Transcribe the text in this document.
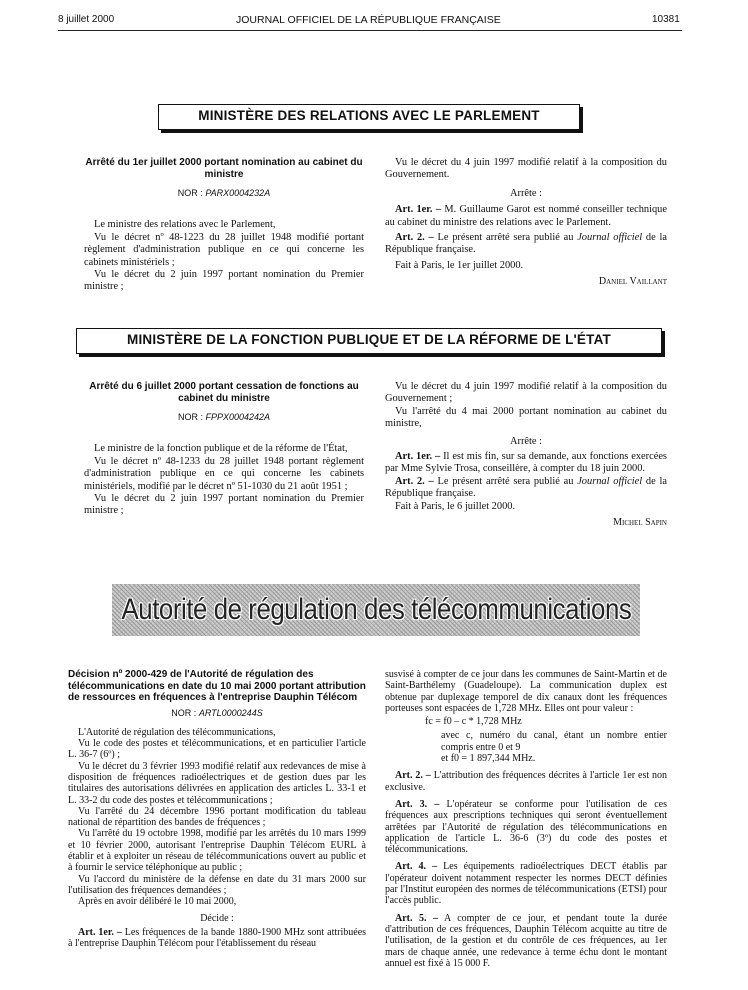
8 juillet 2000	JOURNAL OFFICIEL DE LA RÉPUBLIQUE FRANÇAISE	10381
MINISTÈRE DES RELATIONS AVEC LE PARLEMENT
Arrêté du 1er juillet 2000 portant nomination au cabinet du ministre
NOR : PARX0004232A

Le ministre des relations avec le Parlement,

Vu le décret nº 48-1223 du 28 juillet 1948 modifié portant règlement d'administration publique en ce qui concerne les cabinets ministériels ;

Vu le décret du 2 juin 1997 portant nomination du Premier ministre ;

Vu le décret du 4 juin 1997 modifié relatif à la composition du Gouvernement.

Arrête :

Art. 1er. – M. Guillaume Garot est nommé conseiller technique au cabinet du ministre des relations avec le Parlement.

Art. 2. – Le présent arrêté sera publié au Journal officiel de la République française.

Fait à Paris, le 1er juillet 2000.

Daniel Vaillant
MINISTÈRE DE LA FONCTION PUBLIQUE ET DE LA RÉFORME DE L'ÉTAT
Arrêté du 6 juillet 2000 portant cessation de fonctions au cabinet du ministre
NOR : FPPX0004242A

Le ministre de la fonction publique et de la réforme de l'État,

Vu le décret nº 48-1233 du 28 juillet 1948 portant règlement d'administration publique en ce qui concerne les cabinets ministériels, modifié par le décret nº 51-1030 du 21 août 1951 ;

Vu le décret du 2 juin 1997 portant nomination du Premier ministre ;

Vu le décret du 4 juin 1997 modifié relatif à la composition du Gouvernement ;

Vu l'arrêté du 4 mai 2000 portant nomination au cabinet du ministre,

Arrête :

Art. 1er. – Il est mis fin, sur sa demande, aux fonctions exercées par Mme Sylvie Trosa, conseillère, à compter du 18 juin 2000.

Art. 2. – Le présent arrêté sera publié au Journal officiel de la République française.

Fait à Paris, le 6 juillet 2000.

Michel Sapin
Autorité de régulation des télécommunications
Décision nº 2000-429 de l'Autorité de régulation des télécommunications en date du 10 mai 2000 portant attribution de ressources en fréquences à l'entreprise Dauphin Télécom
NOR : ARTL0000244S

L'Autorité de régulation des télécommunications,

Vu le code des postes et télécommunications, et en particulier l'article L. 36-7 (6º) ;

Vu le décret du 3 février 1993 modifié relatif aux redevances de mise à disposition de fréquences radioélectriques et de gestion dues par les titulaires des autorisations délivrées en application des articles L. 33-1 et L. 33-2 du code des postes et télécommunications ;

Vu l'arrêté du 24 décembre 1996 portant modification du tableau national de répartition des bandes de fréquences ;

Vu l'arrêté du 19 octobre 1998, modifié par les arrêtés du 10 mars 1999 et 10 février 2000, autorisant l'entreprise Dauphin Télécom EURL à établir et à exploiter un réseau de télécommunications ouvert au public et à fournir le service téléphonique au public ;

Vu l'accord du ministère de la défense en date du 31 mars 2000 sur l'utilisation des fréquences demandées ;

Après en avoir délibéré le 10 mai 2000,

Décide :

Art. 1er. – Les fréquences de la bande 1880-1900 MHz sont attribuées à l'entreprise Dauphin Télécom pour l'établissement du réseau

susvisé à compter de ce jour dans les communes de Saint-Martin et de Saint-Barthélemy (Guadeloupe). La communication duplex est obtenue par duplexage temporel de dix canaux dont les fréquences porteuses sont espacées de 1,728 MHz. Elles ont pour valeur :

fc = f0 – c * 1,728 MHz

avec c, numéro du canal, étant un nombre entier compris entre 0 et 9

et f0 = 1 897,344 MHz.

Art. 2. – L'attribution des fréquences décrites à l'article 1er est non exclusive.

Art. 3. – L'opérateur se conforme pour l'utilisation de ces fréquences aux prescriptions techniques qui seront éventuellement arrêtées par l'Autorité de régulation des télécommunications en application de l'article L. 36-6 (3º) du code des postes et télécommunications.

Art. 4. – Les équipements radioélectriques DECT établis par l'opérateur doivent notamment respecter les normes DECT définies par l'Institut européen des normes de télécommunications (ETSI) pour l'accès public.

Art. 5. – A compter de ce jour, et pendant toute la durée d'attribution de ces fréquences, Dauphin Télécom acquitte au titre de l'utilisation, de la gestion et du contrôle de ces fréquences, au 1er mars de chaque année, une redevance à terme échu dont le montant annuel est fixé à 15 000 F.
